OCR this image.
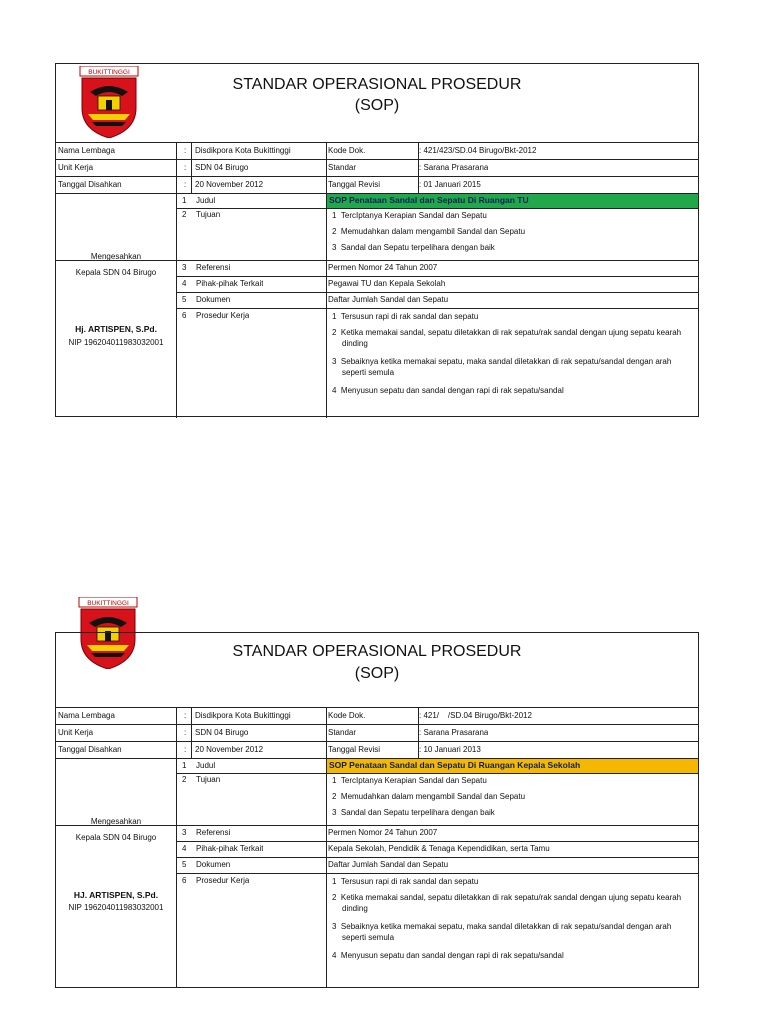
BUKITTINGGI
STANDAR OPERASIONAL PROSEDUR
(SOP)
Nama Lembaga	: Disdikpora Kota Bukittinggi	Kode Dok.	: 421/423/SD.04 Birugo/Bkt-2012
Unit Kerja	: SDN 04 Birugo	Standar	: Sarana Prasarana
Tanggal Disahkan	: 20 November 2012	Tanggal Revisi	: 01 Januari 2015
Mengesahkan
Kepala SDN 04 Birugo
Hj. ARTISPEN, S.Pd.
NIP 196204011983032001
1 Judul	SOP Penataan Sandal dan Sepatu Di Ruangan TU
2 Tujuan	1 TercIptanya Kerapian Sandal dan Sepatu
2 Memudahkan dalam mengambil Sandal dan Sepatu
3 Sandal dan Sepatu terpelihara dengan baik
3 Referensi	Permen Nomor 24 Tahun 2007
4 Pihak-pihak Terkait	Pegawai TU dan Kepala Sekolah
5 Dokumen	Daftar Jumlah Sandal dan Sepatu
6 Prosedur Kerja	1 Tersusun rapi di rak sandal dan sepatu
2 Ketika memakai sandal, sepatu diletakkan di rak sepatu/rak sandal dengan ujung sepatu kearah
dinding
3 Sebaiknya ketika memakai sepatu, maka sandal diletakkan di rak sepatu/sandal dengan arah
seperti semula
4 Menyusun sepatu dan sandal dengan rapi di rak sepatu/sandal
BUKITTINGGI
STANDAR OPERASIONAL PROSEDUR
(SOP)
Nama Lembaga	: Disdikpora Kota Bukittinggi	Kode Dok.	: 421/    /SD.04 Birugo/Bkt-2012
Unit Kerja	: SDN 04 Birugo	Standar	: Sarana Prasarana
Tanggal Disahkan	: 20 November 2012	Tanggal Revisi	: 10 Januari 2013
Mengesahkan
Kepala SDN 04 Birugo
HJ. ARTISPEN, S.Pd.
NIP 196204011983032001
1 Judul	SOP Penataan Sandal dan Sepatu Di Ruangan Kepala Sekolah
2 Tujuan	1 TercIptanya Kerapian Sandal dan Sepatu
2 Memudahkan dalam mengambil Sandal dan Sepatu
3 Sandal dan Sepatu terpelihara dengan baik
3 Referensi	Permen Nomor 24 Tahun 2007
4 Pihak-pihak Terkait	Kepala Sekolah, Pendidik & Tenaga Kependidikan, serta Tamu
5 Dokumen	Daftar Jumlah Sandal dan Sepatu
6 Prosedur Kerja	1 Tersusun rapi di rak sandal dan sepatu
2 Ketika memakai sandal, sepatu diletakkan di rak sepatu/rak sandal dengan ujung sepatu kearah
dinding
3 Sebaiknya ketika memakai sepatu, maka sandal diletakkan di rak sepatu/sandal dengan arah
seperti semula
4 Menyusun sepatu dan sandal dengan rapi di rak sepatu/sandal
